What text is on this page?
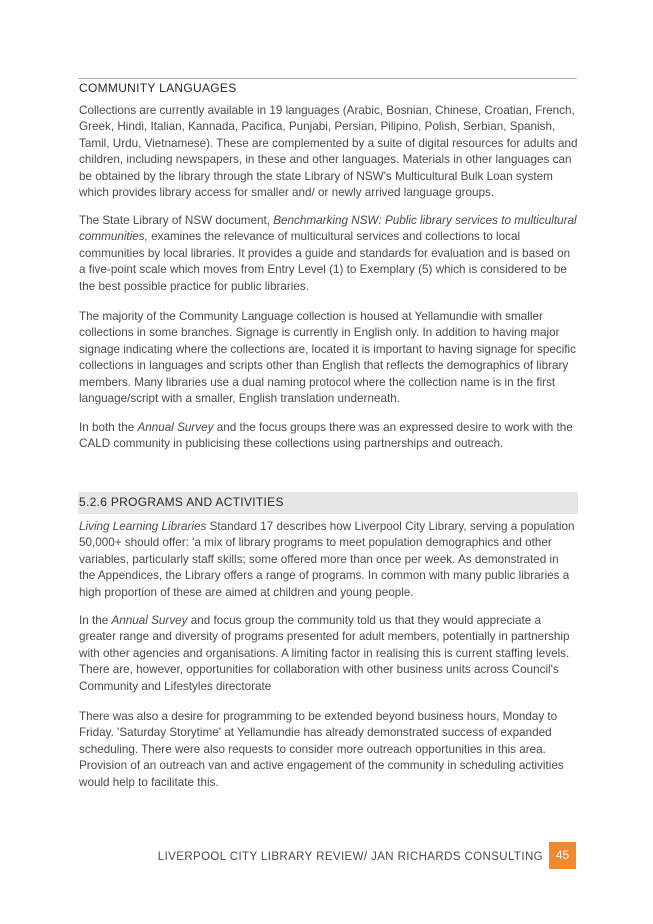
COMMUNITY LANGUAGES

Collections are currently available in 19 languages (Arabic, Bosnian, Chinese, Croatian, French, Greek, Hindi, Italian, Kannada, Pacifica, Punjabi, Persian, Pilipino, Polish, Serbian, Spanish, Tamil, Urdu, Vietnamese). These are complemented by a suite of digital resources for adults and children, including newspapers, in these and other languages. Materials in other languages can be obtained by the library through the state Library of NSW's Multicultural Bulk Loan system which provides library access for smaller and/ or newly arrived language groups.

The State Library of NSW document, Benchmarking NSW: Public library services to multicultural communities, examines the relevance of multicultural services and collections to local communities by local libraries. It provides a guide and standards for evaluation and is based on a five-point scale which moves from Entry Level (1) to Exemplary (5) which is considered to be the best possible practice for public libraries.

The majority of the Community Language collection is housed at Yellamundie with smaller collections in some branches. Signage is currently in English only. In addition to having major signage indicating where the collections are, located it is important to having signage for specific collections in languages and scripts other than English that reflects the demographics of library members. Many libraries use a dual naming protocol where the collection name is in the first language/script with a smaller, English translation underneath.

In both the Annual Survey and the focus groups there was an expressed desire to work with the CALD community in publicising these collections using partnerships and outreach.

5.2.6 PROGRAMS AND ACTIVITIES

Living Learning Libraries Standard 17 describes how Liverpool City Library, serving a population 50,000+ should offer: 'a mix of library programs to meet population demographics and other variables, particularly staff skills; some offered more than once per week. As demonstrated in the Appendices, the Library offers a range of programs. In common with many public libraries a high proportion of these are aimed at children and young people.

In the Annual Survey and focus group the community told us that they would appreciate a greater range and diversity of programs presented for adult members, potentially in partnership with other agencies and organisations. A limiting factor in realising this is current staffing levels. There are, however, opportunities for collaboration with other business units across Council's Community and Lifestyles directorate

There was also a desire for programming to be extended beyond business hours, Monday to Friday. 'Saturday Storytime' at Yellamundie has already demonstrated success of expanded scheduling. There were also requests to consider more outreach opportunities in this area. Provision of an outreach van and active engagement of the community in scheduling activities would help to facilitate this.

LIVERPOOL CITY LIBRARY REVIEW/ JAN RICHARDS CONSULTING	45
